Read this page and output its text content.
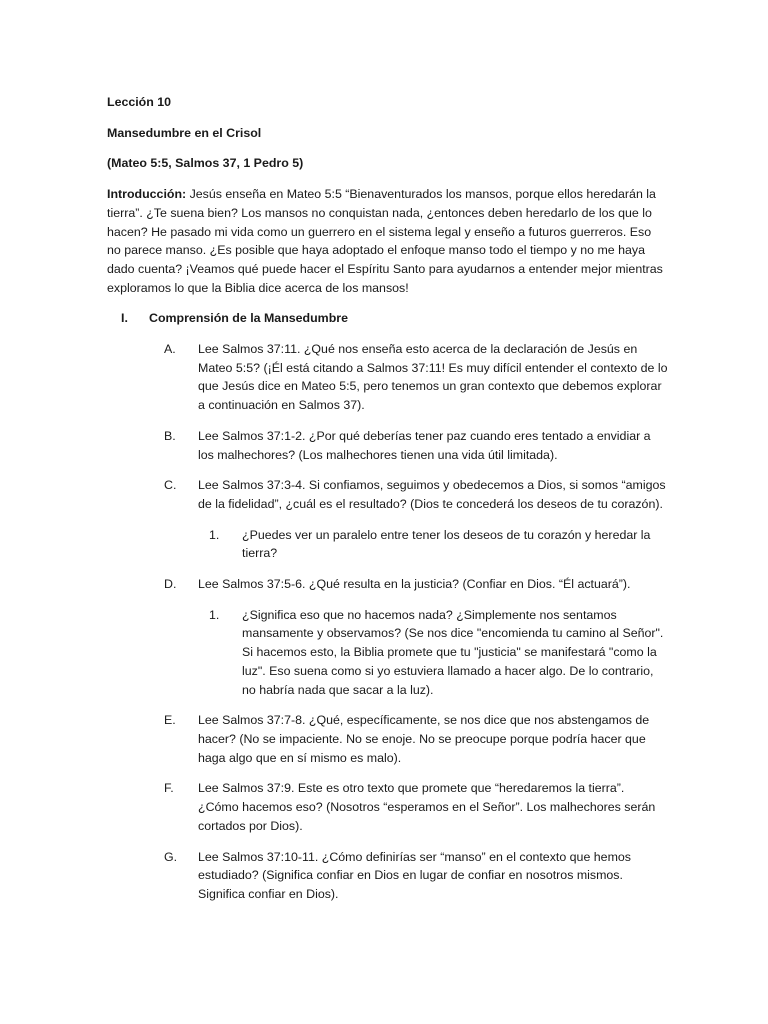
Lección 10

Mansedumbre en el Crisol

(Mateo 5:5, Salmos 37, 1 Pedro 5)

Introducción: Jesús enseña en Mateo 5:5 “Bienaventurados los mansos, porque ellos heredarán la tierra”. ¿Te suena bien? Los mansos no conquistan nada, ¿entonces deben heredarlo de los que lo hacen? He pasado mi vida como un guerrero en el sistema legal y enseño a futuros guerreros. Eso no parece manso. ¿Es posible que haya adoptado el enfoque manso todo el tiempo y no me haya dado cuenta? ¡Veamos qué puede hacer el Espíritu Santo para ayudarnos a entender mejor mientras exploramos lo que la Biblia dice acerca de los mansos!

I. Comprensión de la Mansedumbre
A. Lee Salmos 37:11. ¿Qué nos enseña esto acerca de la declaración de Jesús en Mateo 5:5? (¡Él está citando a Salmos 37:11! Es muy difícil entender el contexto de lo que Jesús dice en Mateo 5:5, pero tenemos un gran contexto que debemos explorar a continuación en Salmos 37).
B. Lee Salmos 37:1-2. ¿Por qué deberías tener paz cuando eres tentado a envidiar a los malhechores? (Los malhechores tienen una vida útil limitada).
C. Lee Salmos 37:3-4. Si confiamos, seguimos y obedecemos a Dios, si somos “amigos de la fidelidad”, ¿cuál es el resultado? (Dios te concederá los deseos de tu corazón).
1. ¿Puedes ver un paralelo entre tener los deseos de tu corazón y heredar la tierra?
D. Lee Salmos 37:5-6. ¿Qué resulta en la justicia? (Confiar en Dios. “Él actuará”).
1. ¿Significa eso que no hacemos nada? ¿Simplemente nos sentamos mansamente y observamos? (Se nos dice "encomienda tu camino al Señor". Si hacemos esto, la Biblia promete que tu "justicia" se manifestará "como la luz". Eso suena como si yo estuviera llamado a hacer algo. De lo contrario, no habría nada que sacar a la luz).
E. Lee Salmos 37:7-8. ¿Qué, específicamente, se nos dice que nos abstengamos de hacer? (No se impaciente. No se enoje. No se preocupe porque podría hacer que haga algo que en sí mismo es malo).
F. Lee Salmos 37:9. Este es otro texto que promete que “heredaremos la tierra”. ¿Cómo hacemos eso? (Nosotros “esperamos en el Señor”. Los malhechores serán cortados por Dios).
G. Lee Salmos 37:10-11. ¿Cómo definirías ser “manso” en el contexto que hemos estudiado? (Significa confiar en Dios en lugar de confiar en nosotros mismos. Significa confiar en Dios).
